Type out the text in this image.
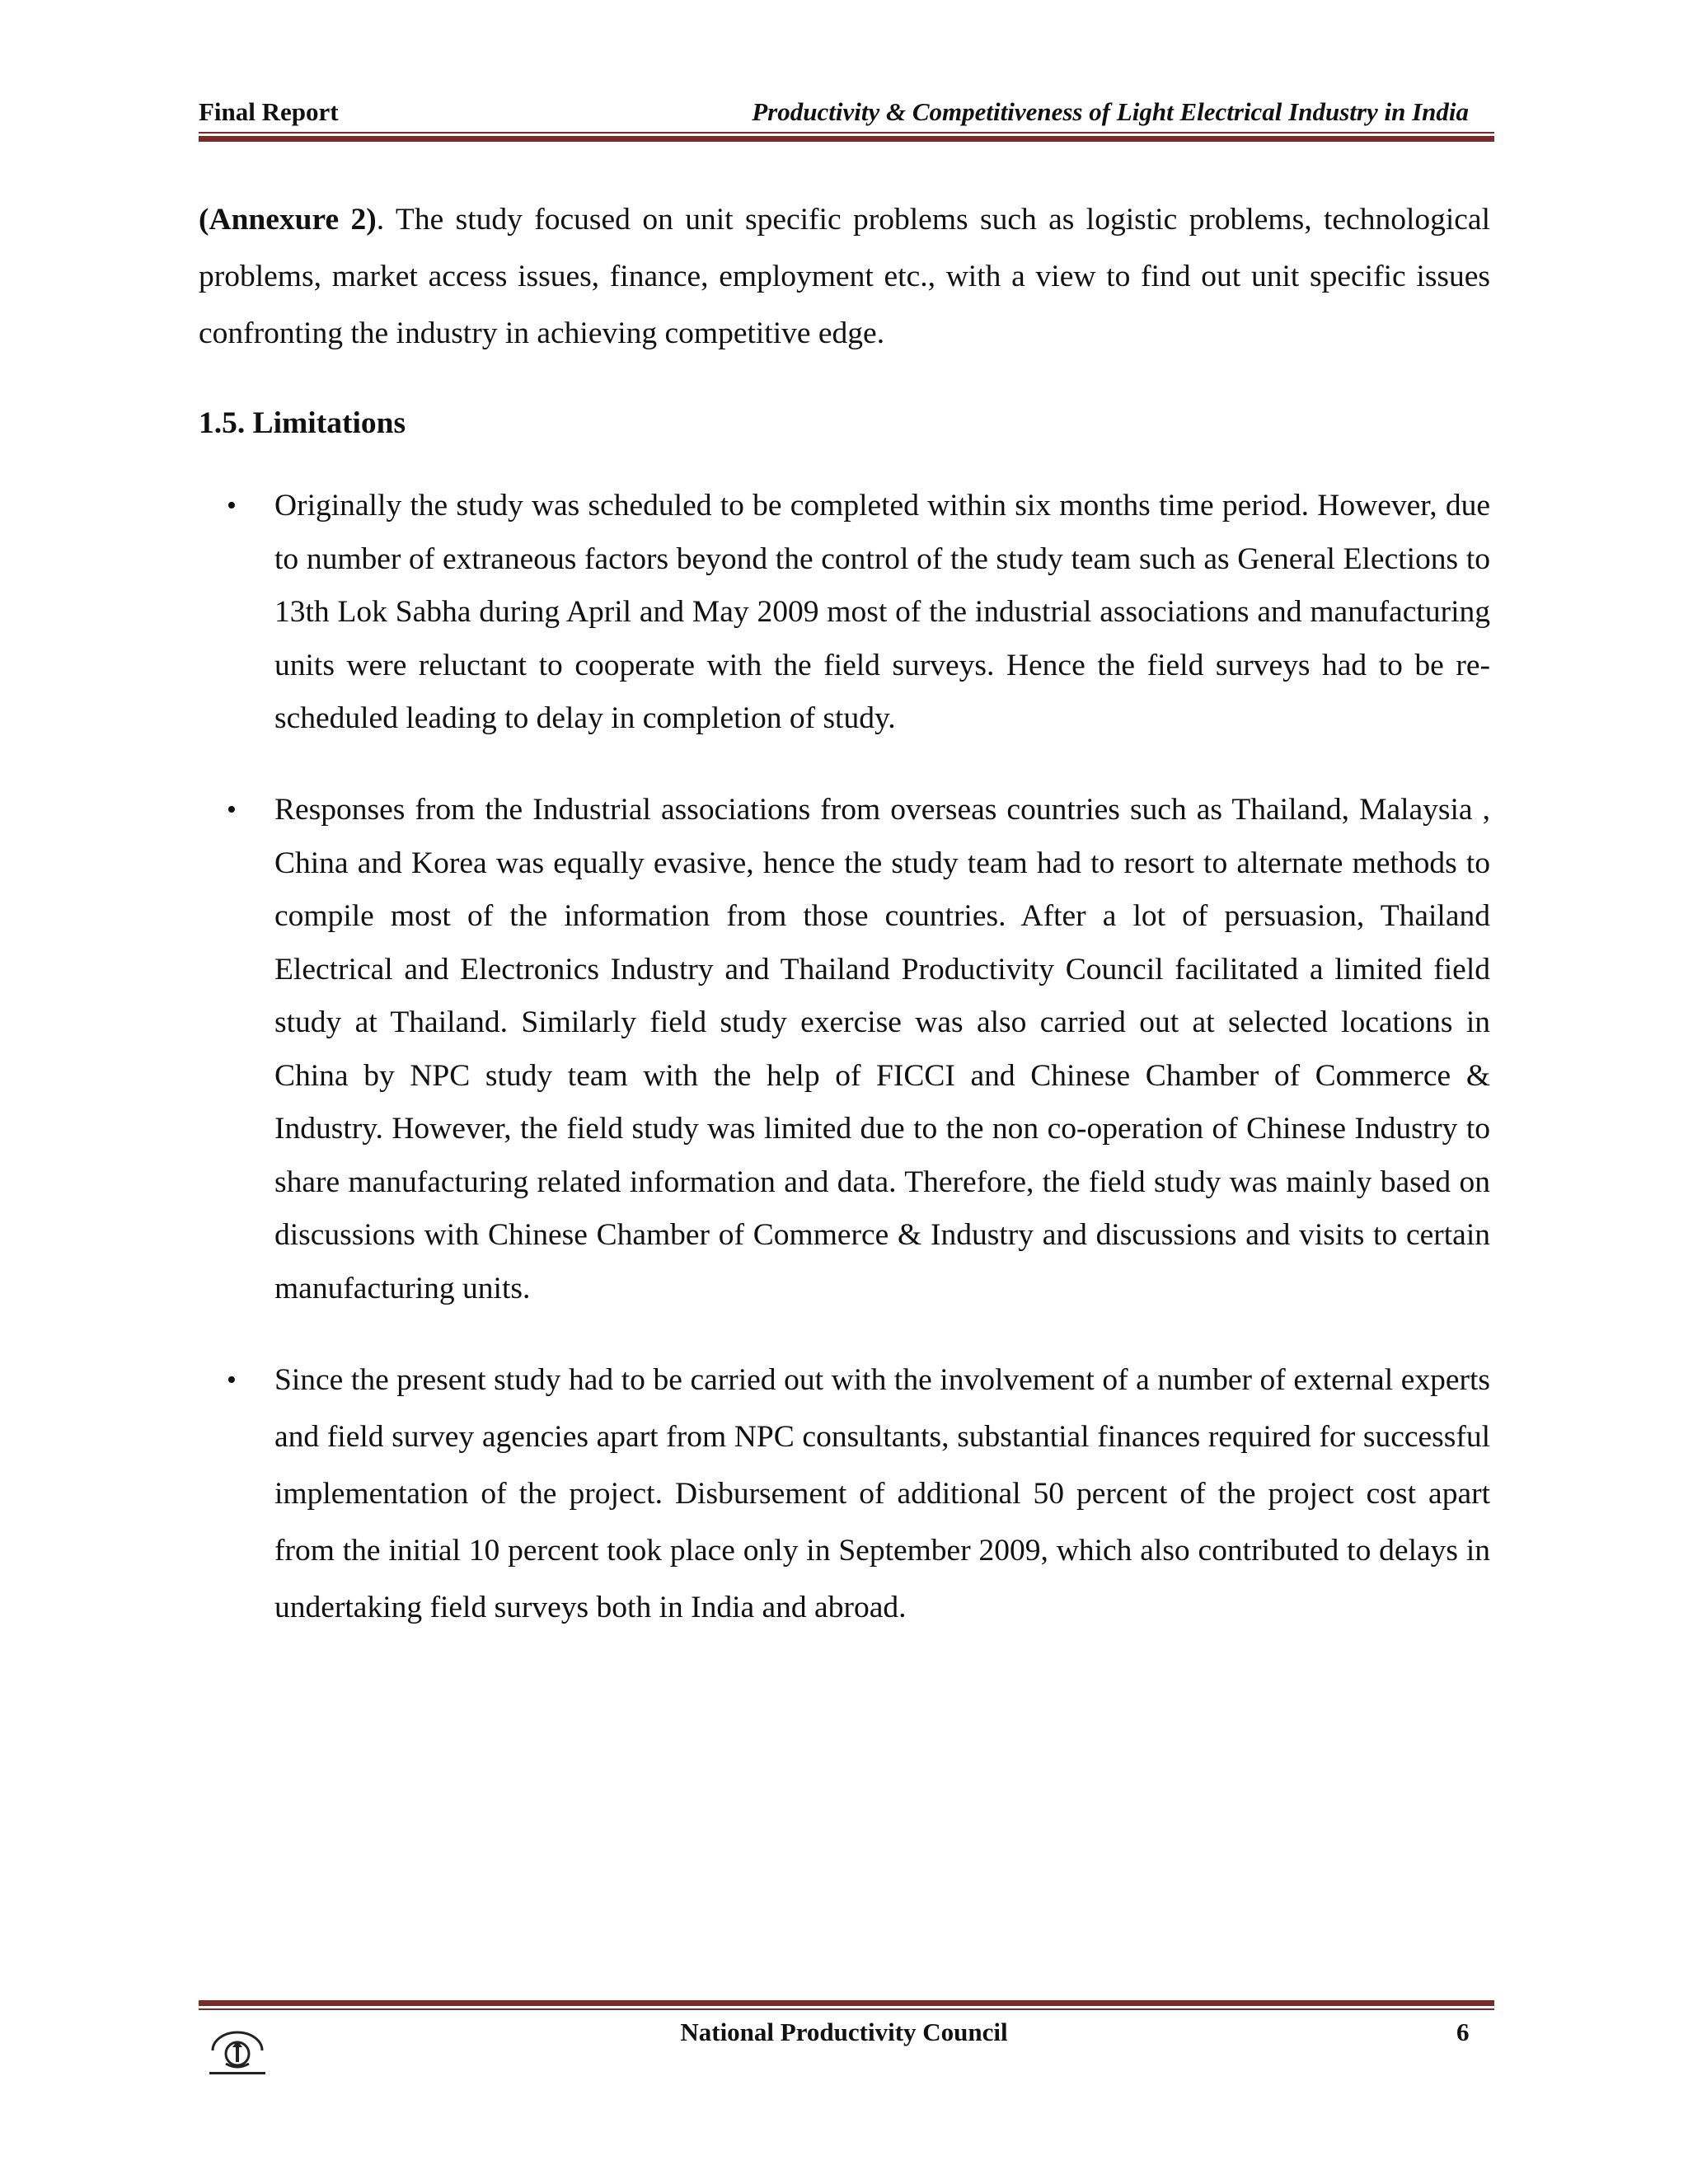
Final Report	Productivity & Competitiveness of Light Electrical Industry in India

(Annexure 2). The study focused on unit specific problems such as logistic problems, technological problems, market access issues, finance, employment etc., with a view to find out unit specific issues confronting the industry in achieving competitive edge.

1.5. Limitations
• Originally the study was scheduled to be completed within six months time period. However, due to number of extraneous factors beyond the control of the study team such as General Elections to 13th Lok Sabha during April and May 2009 most of the industrial associations and manufacturing units were reluctant to cooperate with the field surveys. Hence the field surveys had to be re-scheduled leading to delay in completion of study.
• Responses from the Industrial associations from overseas countries such as Thailand, Malaysia , China and Korea was equally evasive, hence the study team had to resort to alternate methods to compile most of the information from those countries. After a lot of persuasion, Thailand Electrical and Electronics Industry and Thailand Productivity Council facilitated a limited field study at Thailand. Similarly field study exercise was also carried out at selected locations in China by NPC study team with the help of FICCI and Chinese Chamber of Commerce & Industry. However, the field study was limited due to the non co-operation of Chinese Industry to share manufacturing related information and data. Therefore, the field study was mainly based on discussions with Chinese Chamber of Commerce & Industry and discussions and visits to certain manufacturing units.
• Since the present study had to be carried out with the involvement of a number of external experts and field survey agencies apart from NPC consultants, substantial finances required for successful implementation of the project. Disbursement of additional 50 percent of the project cost apart from the initial 10 percent took place only in September 2009, which also contributed to delays in undertaking field surveys both in India and abroad.
National Productivity Council	6
